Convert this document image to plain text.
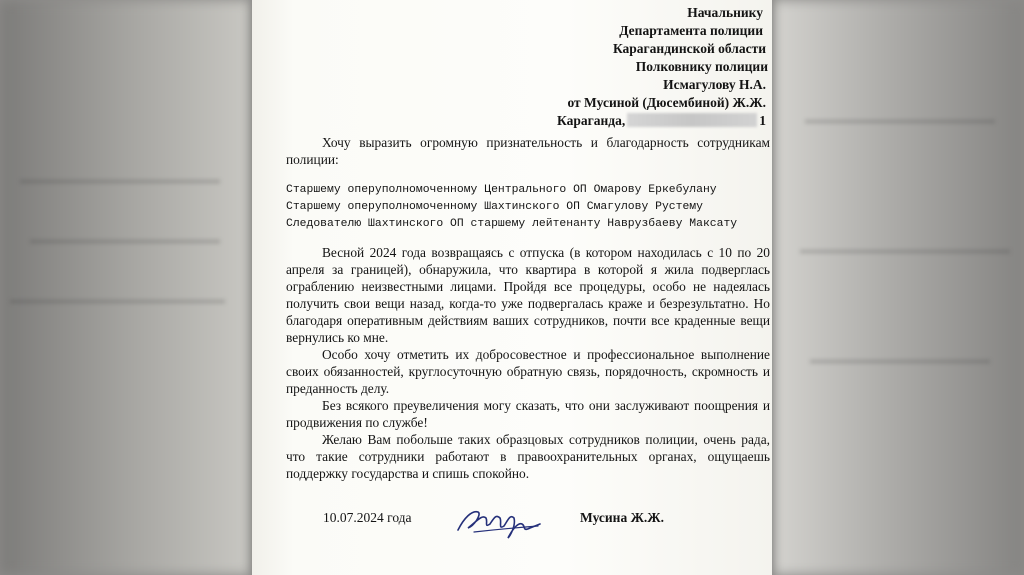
Начальнику
Департамента полиции
Карагандинской области
Полковнику полиции
Исмагулову Н.А.
от Мусиной (Дюсембиной) Ж.Ж.
Караганда,	1
Хочу выразить огромную признательность и благодарность сотрудникам полиции:
Старшему оперуполномоченному Центрального ОП Омарову Еркебулану
Старшему оперуполномоченному Шахтинского ОП Смагулову Рустему
Следователю Шахтинского ОП старшему лейтенанту Наврузбаеву Максату
Весной 2024 года возвращаясь с отпуска (в котором находилась с 10 по 20 апреля за границей), обнаружила, что квартира в которой я жила подверглась ограблению неизвестными лицами. Пройдя все процедуры, особо не надеялась получить свои вещи назад, когда-то уже подвергалась краже и безрезультатно. Но благодаря оперативным действиям ваших сотрудников, почти все краденные вещи вернулись ко мне.
Особо хочу отметить их добросовестное и профессиональное выполнение своих обязанностей, круглосуточную обратную связь, порядочность, скромность и преданность делу.
Без всякого преувеличения могу сказать, что они заслуживают поощрения и продвижения по службе!
Желаю Вам побольше таких образцовых сотрудников полиции, очень рада, что такие сотрудники работают в правоохранительных органах, ощущаешь поддержку государства и спишь спокойно.
10.07.2024 года	Мусина Ж.Ж.
